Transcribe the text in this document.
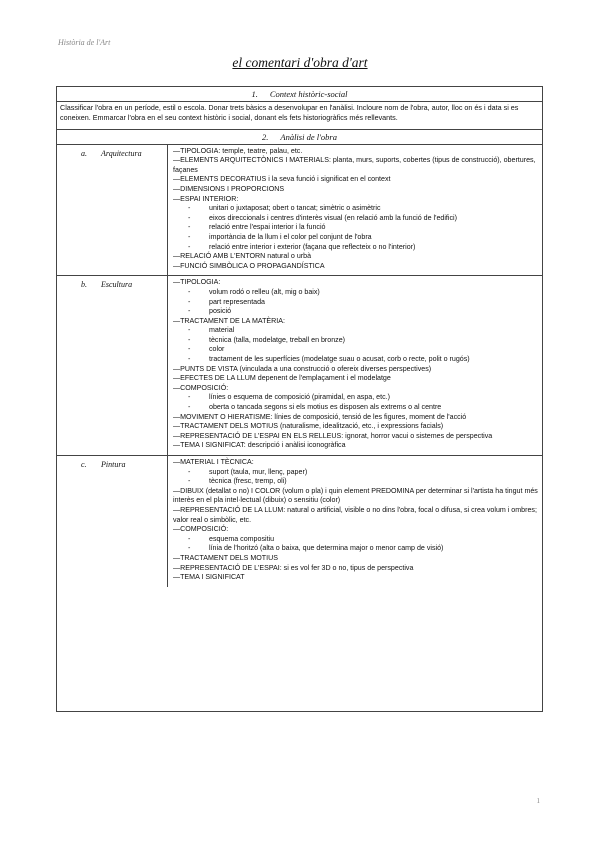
Història de l'Art
el comentari d'obra d'art
1. Context històric-social
Classificar l'obra en un període, estil o escola. Donar trets bàsics a desenvolupar en l'anàlisi. Incloure nom de l'obra, autor, lloc on és i data si es coneixen. Emmarcar l'obra en el seu context històric i social, donant els fets historiogràfics més rellevants.
2. Anàlisi de l'obra
a. Arquitectura	—TIPOLOGIA: temple, teatre, palau, etc.
—ELEMENTS ARQUITECTÒNICS I MATERIALS: planta, murs, suports, cobertes (tipus de construcció), obertures, façanes
—ELEMENTS DECORATIUS i la seva funció i significat en el context
—DIMENSIONS I PROPORCIONS
—ESPAI INTERIOR:
-	unitari o juxtaposat; obert o tancat; simètric o asimètric
-	eixos direccionals i centres d'interès visual (en relació amb la funció de l'edifici)
-	relació entre l'espai interior i la funció
-	importància de la llum i el color pel conjunt de l'obra
-	relació entre interior i exterior (façana que reflecteix o no l'interior)
—RELACIÓ AMB L'ENTORN natural o urbà
—FUNCIÓ SIMBÒLICA O PROPAGANDÍSTICA
b. Escultura	—TIPOLOGIA:
-	volum rodó o relleu (alt, mig o baix)
-	part representada
-	posició
—TRACTAMENT DE LA MATÈRIA:
-	material
-	tècnica (talla, modelatge, treball en bronze)
-	color
-	tractament de les superfícies (modelatge suau o acusat, corb o recte, polit o rugós)
—PUNTS DE VISTA (vinculada a una construcció o ofereix diverses perspectives)
—EFECTES DE LA LLUM depenent de l'emplaçament i el modelatge
—COMPOSICIÓ:
-	línies o esquema de composició (piramidal, en aspa, etc.)
-	oberta o tancada segons si els motius es disposen als extrems o al centre
—MOVIMENT O HIERATISME: línies de composició, tensió de les figures, moment de l'acció
—TRACTAMENT DELS MOTIUS (naturalisme, idealització, etc., i expressions facials)
—REPRESENTACIÓ DE L'ESPAI EN ELS RELLEUS: ignorat, horror vacui o sistemes de perspectiva
—TEMA I SIGNIFICAT: descripció i anàlisi iconogràfica
c. Pintura	—MATERIAL I TÈCNICA:
-	suport (taula, mur, llenç, paper)
-	tècnica (fresc, tremp, oli)
—DIBUIX (detallat o no) I COLOR (volum o pla) i quin element PREDOMINA per determinar si l'artista ha tingut més interès en el pla intel·lectual (dibuix) o sensitiu (color)
—REPRESENTACIÓ DE LA LLUM: natural o artificial, visible o no dins l'obra, focal o difusa, si crea volum i ombres; valor real o simbòlic, etc.
—COMPOSICIÓ:
-	esquema compositiu
-	línia de l'horitzó (alta o baixa, que determina major o menor camp de visió)
—TRACTAMENT DELS MOTIUS
—REPRESENTACIÓ DE L'ESPAI: si es vol fer 3D o no, tipus de perspectiva
—TEMA I SIGNIFICAT
1
